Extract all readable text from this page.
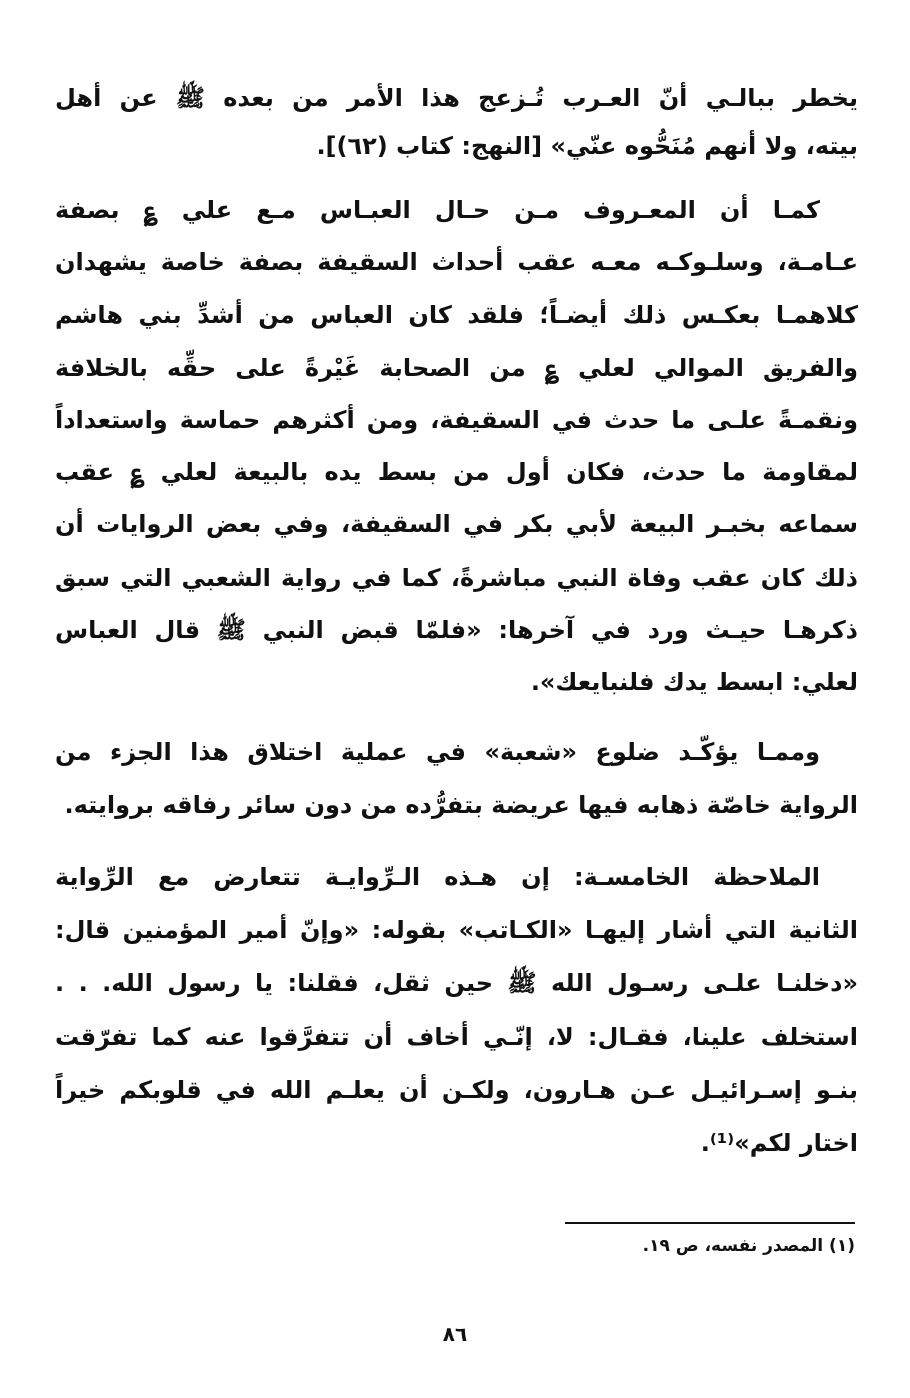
يخطر ببالـي أنّ العـرب تُـزعج هذا الأمر من بعده ﷺ عن أهل
بيته، ولا أنهم مُنَحُّوه عنّي» [النهج: كتاب (٦٢)].
كمـا أن المعـروف مـن حـال العبـاس مـع علي ؏ بصفة
عـامـة، وسلـوكـه معـه عقب أحداث السقيفة بصفة خاصة يشهدان
كلاهمـا بعكـس ذلك أيضـاً؛ فلقد كان العباس من أشدِّ بني هاشم
والفريق الموالي لعلي ؏ من الصحابة غَيْرةً على حقِّه بالخلافة
ونقمـةً علـى ما حدث في السقيفة، ومن أكثرهم حماسة واستعداداً
لمقاومة ما حدث، فكان أول من بسط يده بالبيعة لعلي ؏ عقب
سماعه بخبـر البيعة لأبي بكر في السقيفة، وفي بعض الروايات أن
ذلك كان عقب وفاة النبي مباشرةً، كما في رواية الشعبي التي سبق
ذكرهـا حيـث ورد في آخرها: «فلمّا قبض النبي ﷺ قال العباس
لعلي: ابسط يدك فلنبايعك».
وممـا يؤكّـد ضلوع «شعبة» في عملية اختلاق هذا الجزء من
الرواية خاصّة ذهابه فيها عريضة بتفرُّده من دون سائر رفاقه بروايته.
الملاحظة الخامسـة: إن هـذه الـرِّوايـة تتعارض مع الرِّواية
الثانية التي أشار إليهـا «الكـاتب» بقوله: «وإنّ أمير المؤمنين قال:
«دخلنـا علـى رسـول الله ﷺ حين ثقل، فقلنا: يا رسول الله. . .
استخلف علينا، فقـال: لا، إنّـي أخاف أن تتفرَّقوا عنه كما تفرّقت
بنـو إسـرائيـل عـن هـارون، ولكـن أن يعلـم الله في قلوبكم خيراً
اختار لكم»⁽¹⁾.
(١) المصدر نفسه، ص ١٩.
٨٦
